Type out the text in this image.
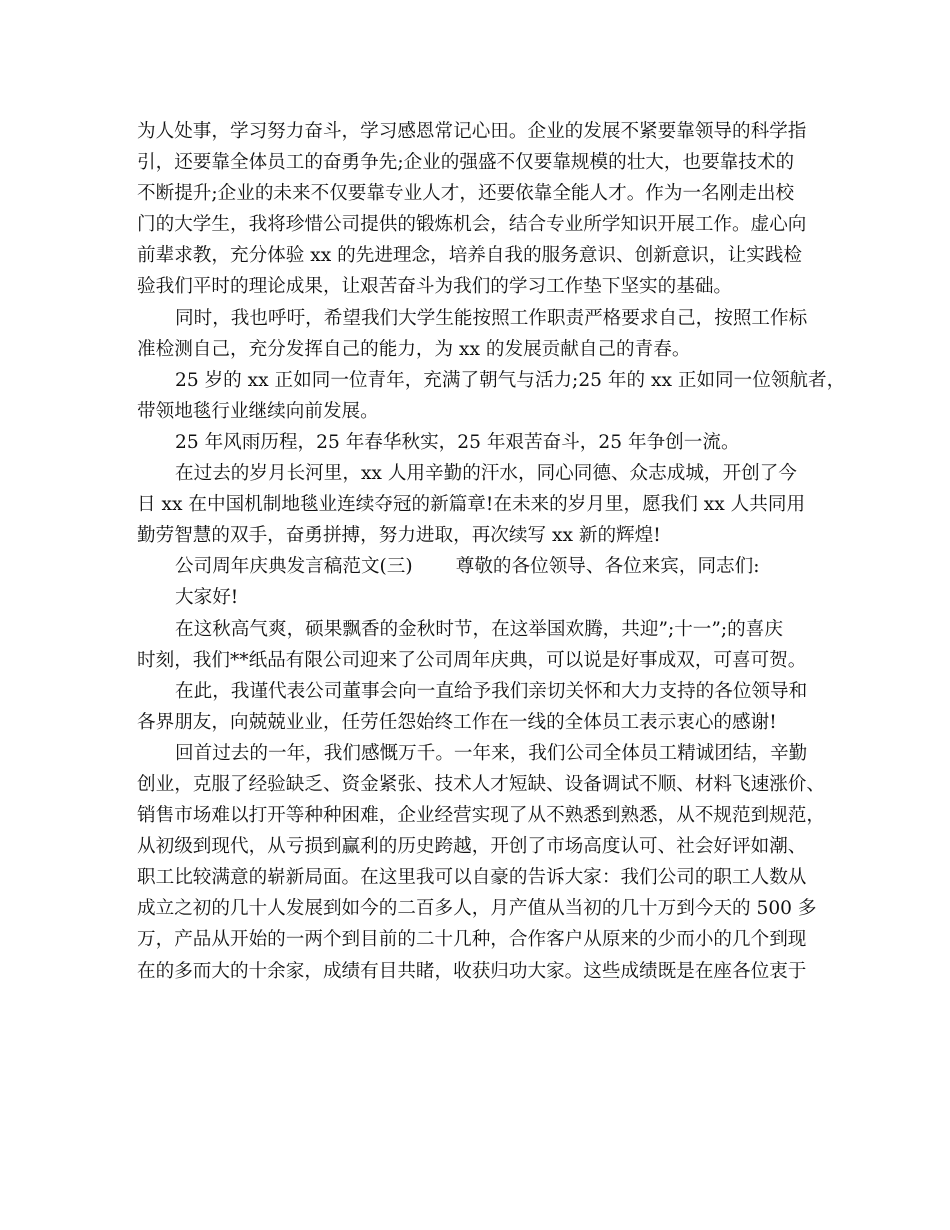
为人处事，学习努力奋斗，学习感恩常记心田。企业的发展不紧要靠领导的科学指
引，还要靠全体员工的奋勇争先;企业的强盛不仅要靠规模的壮大，也要靠技术的
不断提升;企业的未来不仅要靠专业人才，还要依靠全能人才。作为一名刚走出校
门的大学生，我将珍惜公司提供的锻炼机会，结合专业所学知识开展工作。虚心向
前辈求教，充分体验 xx 的先进理念，培养自我的服务意识、创新意识，让实践检
验我们平时的理论成果，让艰苦奋斗为我们的学习工作垫下坚实的基础。
同时，我也呼吁，希望我们大学生能按照工作职责严格要求自己，按照工作标
准检测自己，充分发挥自己的能力，为 xx 的发展贡献自己的青春。
25 岁的 xx 正如同一位青年，充满了朝气与活力;25 年的 xx 正如同一位领航者，
带领地毯行业继续向前发展。
25 年风雨历程，25 年春华秋实，25 年艰苦奋斗，25 年争创一流。
在过去的岁月长河里，xx 人用辛勤的汗水，同心同德、众志成城，开创了今
日 xx 在中国机制地毯业连续夺冠的新篇章!在未来的岁月里，愿我们 xx 人共同用
勤劳智慧的双手，奋勇拼搏，努力进取，再次续写 xx 新的辉煌!
公司周年庆典发言稿范文(三)　　 尊敬的各位领导、各位来宾，同志们:
大家好!
在这秋高气爽，硕果飘香的金秋时节，在这举国欢腾，共迎”;十一”;的喜庆
时刻，我们**纸品有限公司迎来了公司周年庆典，可以说是好事成双，可喜可贺。
在此，我谨代表公司董事会向一直给予我们亲切关怀和大力支持的各位领导和
各界朋友，向兢兢业业，任劳任怨始终工作在一线的全体员工表示衷心的感谢!
回首过去的一年，我们感慨万千。一年来，我们公司全体员工精诚团结，辛勤
创业，克服了经验缺乏、资金紧张、技术人才短缺、设备调试不顺、材料飞速涨价、
销售市场难以打开等种种困难，企业经营实现了从不熟悉到熟悉，从不规范到规范，
从初级到现代，从亏损到赢利的历史跨越，开创了市场高度认可、社会好评如潮、
职工比较满意的崭新局面。在这里我可以自豪的告诉大家：我们公司的职工人数从
成立之初的几十人发展到如今的二百多人，月产值从当初的几十万到今天的 500 多
万，产品从开始的一两个到目前的二十几种，合作客户从原来的少而小的几个到现
在的多而大的十余家，成绩有目共睹，收获归功大家。这些成绩既是在座各位衷于
